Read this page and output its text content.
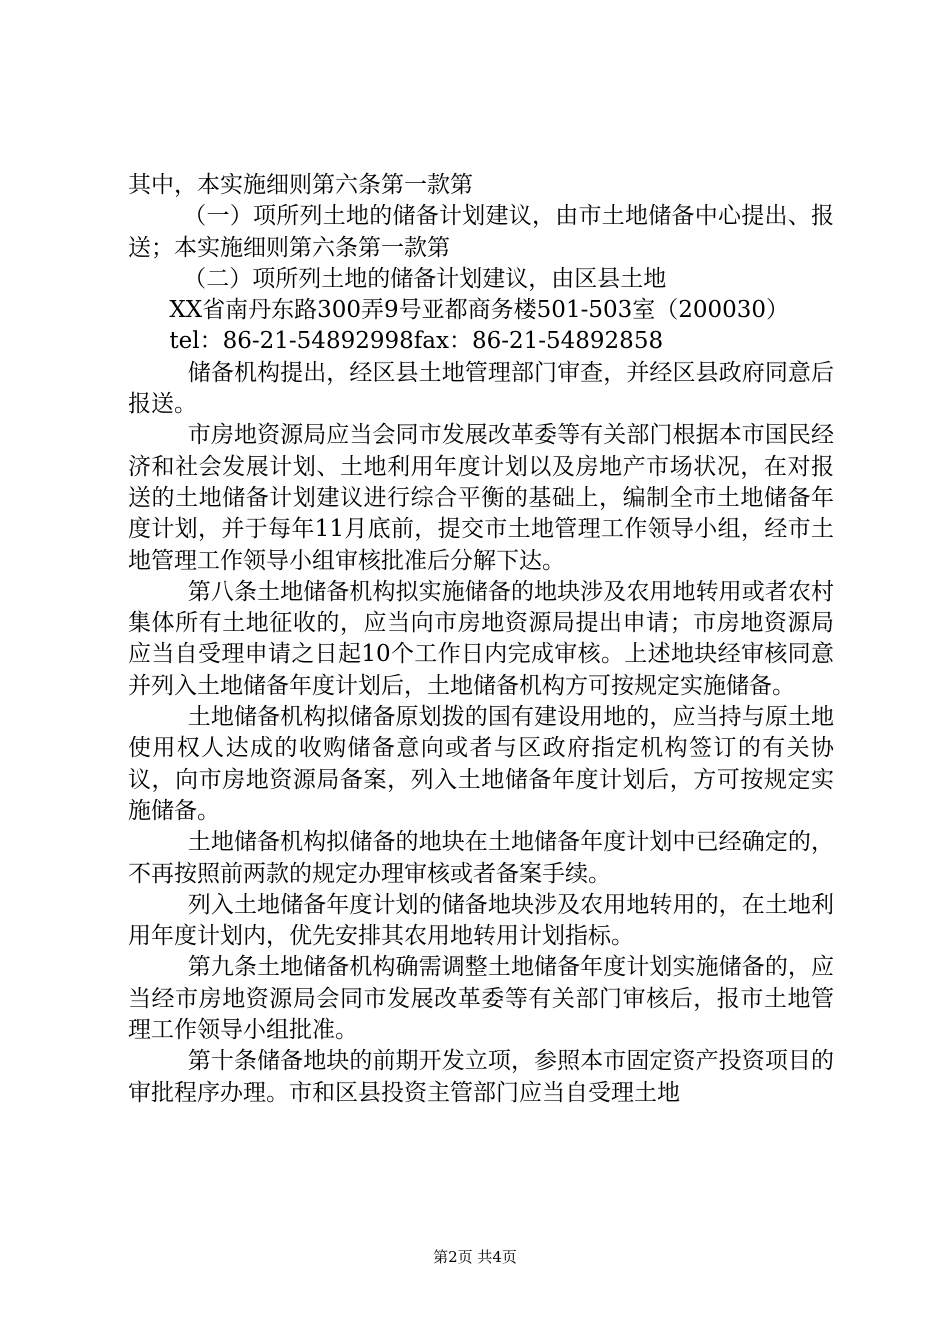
其中，本实施细则第六条第一款第

（一）项所列土地的储备计划建议，由市土地储备中心提出、报送；本实施细则第六条第一款第

（二）项所列土地的储备计划建议，由区县土地

XX省南丹东路300弄9号亚都商务楼501-503室（200030）

tel：86-21-54892998fax：86-21-54892858

储备机构提出，经区县土地管理部门审查，并经区县政府同意后报送。

市房地资源局应当会同市发展改革委等有关部门根据本市国民经济和社会发展计划、土地利用年度计划以及房地产市场状况，在对报送的土地储备计划建议进行综合平衡的基础上，编制全市土地储备年度计划，并于每年11月底前，提交市土地管理工作领导小组，经市土地管理工作领导小组审核批准后分解下达。

第八条土地储备机构拟实施储备的地块涉及农用地转用或者农村集体所有土地征收的，应当向市房地资源局提出申请；市房地资源局应当自受理申请之日起10个工作日内完成审核。上述地块经审核同意并列入土地储备年度计划后，土地储备机构方可按规定实施储备。

土地储备机构拟储备原划拨的国有建设用地的，应当持与原土地使用权人达成的收购储备意向或者与区政府指定机构签订的有关协议，向市房地资源局备案，列入土地储备年度计划后，方可按规定实施储备。

土地储备机构拟储备的地块在土地储备年度计划中已经确定的，不再按照前两款的规定办理审核或者备案手续。

列入土地储备年度计划的储备地块涉及农用地转用的，在土地利用年度计划内，优先安排其农用地转用计划指标。

第九条土地储备机构确需调整土地储备年度计划实施储备的，应当经市房地资源局会同市发展改革委等有关部门审核后，报市土地管理工作领导小组批准。

第十条储备地块的前期开发立项，参照本市固定资产投资项目的审批程序办理。市和区县投资主管部门应当自受理土地

第2页 共4页
